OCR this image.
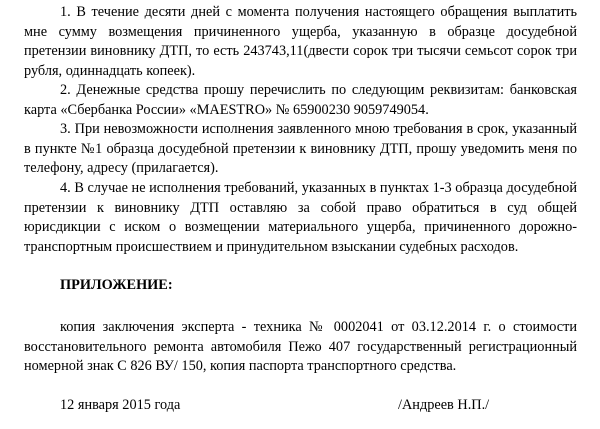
1. В течение десяти дней с момента получения настоящего обращения выплатить мне сумму возмещения причиненного ущерба, указанную в образце досудебной претензии виновнику ДТП, то есть 243743,11(двести сорок три тысячи семьсот сорок три рубля, одиннадцать копеек).

2. Денежные средства прошу перечислить по следующим реквизитам: банковская карта «Сбербанка России» «MAESTRO» № 65900230 9059749054.

3. При невозможности исполнения заявленного мною требования в срок, указанный в пункте №1 образца досудебной претензии к виновнику ДТП, прошу уведомить меня по телефону, адресу (прилагается).

4. В случае не исполнения требований, указанных в пунктах 1-3 образца досудебной претензии к виновнику ДТП оставляю за собой право обратиться в суд общей юрисдикции с иском о возмещении материального ущерба, причиненного дорожно-транспортным происшествием и принудительном взыскании судебных расходов.

ПРИЛОЖЕНИЕ:

копия заключения эксперта - техника № 0002041 от 03.12.2014 г. о стоимости восстановительного ремонта автомобиля Пежо 407 государственный регистрационный номерной знак С 826 ВУ/ 150, копия паспорта транспортного средства.

12 января 2015 года	/Андреев Н.П./
